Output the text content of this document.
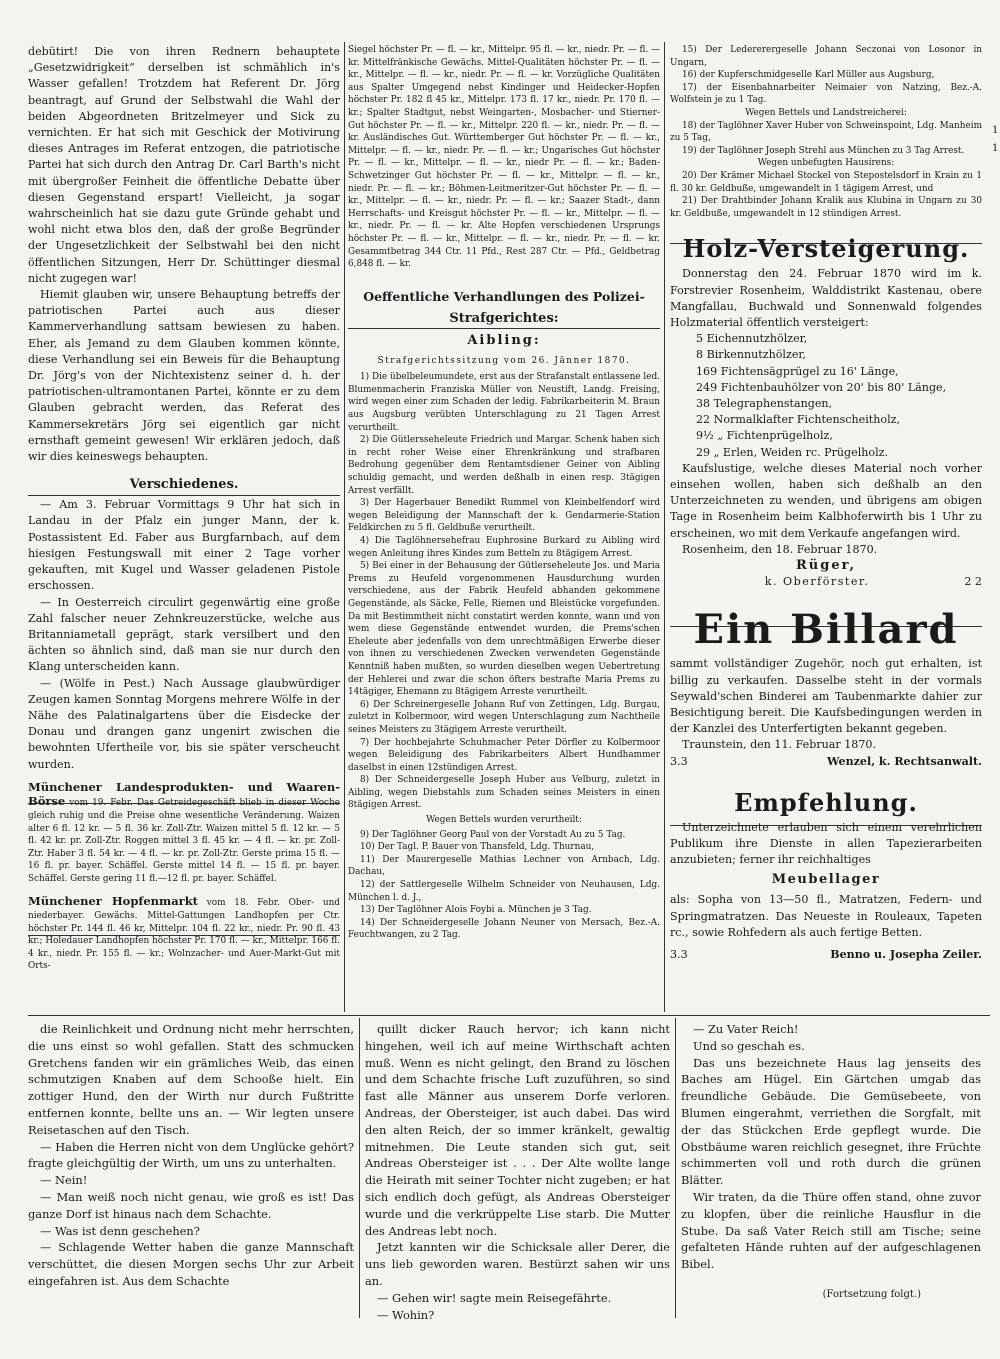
1
1

debütirt! Die von ihren Rednern behauptete „Gesetzwidrigkeit“ derselben ist schmählich in's Wasser gefallen! Trotzdem hat Referent Dr. Jörg beantragt, auf Grund der Selbstwahl die Wahl der beiden Abgeordneten Britzelmeyer und Sick zu vernichten. Er hat sich mit Geschick der Motivirung dieses Antrages im Referat entzogen, die patriotische Partei hat sich durch den Antrag Dr. Carl Barth's nicht mit übergroßer Feinheit die öffentliche Debatte über diesen Gegenstand erspart! Vielleicht, ja sogar wahrscheinlich hat sie dazu gute Gründe gehabt und wohl nicht etwa blos den, daß der große Begründer der Ungesetzlichkeit der Selbstwahl bei den nicht öffentlichen Sitzungen, Herr Dr. Schüttinger diesmal nicht zugegen war!

Hiemit glauben wir, unsere Behauptung betreffs der patriotischen Partei auch aus dieser Kammerverhandlung sattsam bewiesen zu haben. Eher, als Jemand zu dem Glauben kommen könnte, diese Verhandlung sei ein Beweis für die Behauptung Dr. Jörg's von der Nichtexistenz seiner d. h. der patriotischen-ultramontanen Partei, könnte er zu dem Glauben gebracht werden, das Referat des Kammersekretärs Jörg sei eigentlich gar nicht ernsthaft gemeint gewesen! Wir erklären jedoch, daß wir dies keineswegs behaupten.

Verschiedenes.

— Am 3. Februar Vormittags 9 Uhr hat sich in Landau in der Pfalz ein junger Mann, der k. Postassistent Ed. Faber aus Burgfarnbach, auf dem hiesigen Festungswall mit einer 2 Tage vorher gekauften, mit Kugel und Wasser geladenen Pistole erschossen.

— In Oesterreich circulirt gegenwärtig eine große Zahl falscher neuer Zehnkreuzerstücke, welche aus Britanniametall geprägt, stark versilbert und den ächten so ähnlich sind, daß man sie nur durch den Klang unterscheiden kann.

— (Wölfe in Pest.) Nach Aussage glaubwürdiger Zeugen kamen Sonntag Morgens mehrere Wölfe in der Nähe des Palatinalgartens über die Eisdecke der Donau und drangen ganz ungenirt zwischen die bewohnten Ufertheile vor, bis sie später verscheucht wurden.

Münchener Landesprodukten- und Waaren-Börse vom 19. Febr. Das Getreidegeschäft blieb in dieser Woche gleich ruhig und die Preise ohne wesentliche Veränderung. Waizen alter 6 fl. 12 kr. — 5 fl. 36 kr. Zoll-Ztr. Waizen mittel 5 fl. 12 kr. — 5 fl. 42 kr. pr. Zoll-Ztr. Roggen mittel 3 fl. 45 kr. — 4 fl. — kr. pr. Zoll-Ztr. Haber 3 fl. 54 kr. — 4 fl. — kr. pr. Zoll-Ztr. Gerste prima 15 fl. — 16 fl. pr. bayer. Schäffel. Gerste mittel 14 fl. — 15 fl. pr. bayer. Schäffel. Gerste gering 11 fl.—12 fl. pr. bayer. Schäffel.
Münchener Hopfenmarkt vom 18. Febr. Ober- und niederbayer. Gewächs. Mittel-Gattungen Landhopfen per Ctr. höchster Pr. 144 fl. 46 kr, Mittelpr. 104 fl. 22 kr., niedr. Pr. 90 fl. 43 kr.; Holedauer Landhopfen höchster Pr. 170 fl. — kr., Mittelpr. 166 fl. 4 kr., niedr. Pr. 155 fl. — kr.; Wolnzacher- und Auer-Markt-Gut mit Orts-
Siegel höchster Pr. — fl. — kr., Mittelpr. 95 fl. — kr., niedr. Pr. — fl. — kr. Mittelfränkische Gewächs. Mittel-Qualitäten höchster Pr. — fl. — kr., Mittelpr. — fl. — kr., niedr. Pr. — fl. — kr. Vorzügliche Qualitäten aus Spalter Umgegend nebst Kindinger und Heidecker-Hopfen höchster Pr. 182 fl 45 kr., Mittelpr. 173 fl. 17 kr., niedr. Pr. 170 fl. — kr.; Spalter Stadtgut, nebst Weingarten-, Mosbacher- und Stierner-Gut höchster Pr. — fl. — kr., Mittelpr. 220 fl. — kr., niedr. Pr. — fl. — kr. Ausländisches Gut. Württemberger Gut höchster Pr. — fl. — kr., Mittelpr. — fl. — kr., niedr. Pr. — fl. — kr.; Ungarisches Gut höchster Pr. — fl. — kr., Mittelpr. — fl. — kr., niedr Pr. — fl. — kr.; Baden-Schwetzinger Gut höchster Pr. — fl. — kr., Mittelpr. — fl. — kr., niedr. Pr. — fl. — kr.; Böhmen-Leitmeritzer-Gut höchster Pr. — fl. — kr., Mittelpr. — fl. — kr., niedr. Pr. — fl. — kr.; Saazer Stadt-, dann Herrschafts- und Kreisgut höchster Pr. — fl. — kr., Mittelpr. — fl. — kr., niedr. Pr. — fl. — kr. Alte Hopfen verschiedenen Ursprungs höchster Pr. — fl. — kr., Mittelpr. — fl. — kr., niedr. Pr. — fl. — kr. Gesammtbetrag 344 Ctr. 11 Pfd., Rest 287 Ctr. — Pfd., Geldbetrag 6,848 fl. — kr.
Oeffentliche Verhandlungen des Polizei-
Strafgerichtes:
Aibling:
Strafgerichtssitzung vom 26. Jänner 1870.

1) Die übelbeleumundete, erst aus der Strafanstalt entlassene led. Blumenmacherin Franziska Müller von Neustift, Landg. Freising, wird wegen einer zum Schaden der ledig. Fabrikarbeiterin M. Braun aus Augsburg verübten Unterschlagung zu 21 Tagen Arrest verurtheilt.

2) Die Gütlersseheleute Friedrich und Margar. Schenk haben sich in recht roher Weise einer Ehrenkränkung und strafbaren Bedrohung gegenüber dem Rentamtsdiener Geiner von Aibling schuldig gemacht, und werden deßhalb in einen resp. 3tägigen Arrest verfällt.

3) Der Hagerbauer Benedikt Rummel von Kleinbelfendorf wird wegen Beleidigung der Mannschaft der k. Gendarmerie-Station Feldkirchen zu 5 fl. Geldbuße verurtheilt.

4) Die Taglöhnersehefrau Euphrosine Burkard zu Aibling wird wegen Anleitung ihres Kindes zum Betteln zu 8tägigem Arrest.

5) Bei einer in der Behausung der Gütlerseheleute Jos. und Maria Prems zu Heufeld vorgenommenen Hausdurchung wurden verschiedene, aus der Fabrik Heufeld abhanden gekommene Gegenstände, als Säcke, Felle, Riemen und Bleistücke vorgefunden. Da mit Bestimmtheit nicht constatirt werden konnte, wann und von wem diese Gegenstände entwendet wurden, die Prems'schen Eheleute aber jedenfalls von dem unrechtmäßigen Erwerbe dieser von ihnen zu verschiedenen Zwecken verwendeten Gegenstände Kenntniß haben mußten, so wurden dieselben wegen Uebertretung der Hehlerei und zwar die schon öfters bestrafte Maria Prems zu 14tägiger, Ehemann zu 8tägigem Arreste verurtheilt.

6) Der Schreinergeselle Johann Ruf von Zettingen, Ldg. Burgau, zuletzt in Kolbermoor, wird wegen Unterschlagung zum Nachtheile seines Meisters zu 3tägigem Arreste verurtheilt.

7) Der hochbejahrte Schuhmacher Peter Dörfler zu Kolbermoor wegen Beleidigung des Fabrikarbeiters Albert Hundhammer daselbst in einen 12stündigen Arrest.

8) Der Schneidergeselle Joseph Huber aus Velburg, zuletzt in Aibling, wegen Diebstahls zum Schaden seines Meisters in einen 8tägigen Arrest.

Wegen Bettels wurden verurtheilt:

9) Der Taglöhner Georg Paul von der Vorstadt Au zu 5 Tag.

10) Der Tagl. P. Bauer von Thansfeld, Ldg. Thurnau,

11) Der Maurergeselle Mathias Lechner von Arnbach, Ldg. Dachau,

12) der Sattlergeselle Wilhelm Schneider von Neuhausen, Ldg. München l. d. J.,

13) Der Taglöhner Alois Foybi a. München je 3 Tag.

14) Der Schneidergeselle Johann Neuner von Mersach, Bez.-A. Feuchtwangen, zu 2 Tag.

15) Der Ledererergeselle Johann Seczonai von Losonor in Ungarn,

16) der Kupferschmidgeselle Karl Müller aus Augsburg,

17) der Eisenbahnarbeiter Neimaier von Natzing, Bez.-A. Wolfstein je zu 1 Tag.

Wegen Bettels und Landstreicherei:

18) der Taglöhner Xaver Huber von Schweinspoint, Ldg. Manheim zu 5 Tag,

19) der Taglöhner Joseph Strehl aus München zu 3 Tag Arrest.

Wegen unbefugten Hausirens:

20) Der Krämer Michael Stockel von Stepostelsdorf in Krain zu 1 fl. 30 kr. Geldbuße, umgewandelt in 1 tägigem Arrest, und

21) Der Drahtbinder Johann Kralik aus Klubina in Ungarn zu 30 kr. Geldbuße, umgewandelt in 12 stündigen Arrest.

Holz-Versteigerung.

Donnerstag den 24. Februar 1870 wird im k. Forstrevier Rosenheim, Walddistrikt Kastenau, obere Mangfallau, Buchwald und Sonnenwald folgendes Holzmaterial öffentlich versteigert:

5 Eichennutzhölzer,

8 Birkennutzhölzer,

169 Fichtensägprügel zu 16' Länge,

249 Fichtenbauhölzer von 20' bis 80' Länge,

38 Telegraphenstangen,

22 Normalklafter Fichtenscheitholz,

9½ „ Fichtenprügelholz,

29 „ Erlen, Weiden rc. Prügelholz.

Kaufslustige, welche dieses Material noch vorher einsehen wollen, haben sich deßhalb an den Unterzeichneten zu wenden, und übrigens am obigen Tage in Rosenheim beim Kalbhoferwirth bis 1 Uhr zu erscheinen, wo mit dem Verkaufe angefangen wird.

Rosenheim, den 18. Februar 1870.

Rüger,
k. Oberförster.	2 2
Ein Billard

sammt vollständiger Zugehör, noch gut erhalten, ist billig zu verkaufen. Dasselbe steht in der vormals Seywald'schen Binderei am Taubenmarkte dahier zur Besichtigung bereit. Die Kaufsbedingungen werden in der Kanzlei des Unterfertigten bekannt gegeben.

Traunstein, den 11. Februar 1870.

3.3	Wenzel, k. Rechtsanwalt.
Empfehlung.

Unterzeichnete erlauben sich einem verehrlichen Publikum ihre Dienste in allen Tapezierarbeiten anzubieten; ferner ihr reichhaltiges

Meubellager

als: Sopha von 13—50 fl., Matratzen, Federn- und Springmatratzen. Das Neueste in Rouleaux, Tapeten rc., sowie Rohfedern als auch fertige Betten.

3.3	Benno u. Josepha Zeiler.

die Reinlichkeit und Ordnung nicht mehr herrschten, die uns einst so wohl gefallen. Statt des schmucken Gretchens fanden wir ein grämliches Weib, das einen schmutzigen Knaben auf dem Schooße hielt. Ein zottiger Hund, den der Wirth nur durch Fußtritte entfernen konnte, bellte uns an. — Wir legten unsere Reisetaschen auf den Tisch.

— Haben die Herren nicht von dem Unglücke gehört? fragte gleichgültig der Wirth, um uns zu unterhalten.

— Nein!

— Man weiß noch nicht genau, wie groß es ist! Das ganze Dorf ist hinaus nach dem Schachte.

— Was ist denn geschehen?

— Schlagende Wetter haben die ganze Mannschaft verschüttet, die diesen Morgen sechs Uhr zur Arbeit eingefahren ist. Aus dem Schachte

quillt dicker Rauch hervor; ich kann nicht hingehen, weil ich auf meine Wirthschaft achten muß. Wenn es nicht gelingt, den Brand zu löschen und dem Schachte frische Luft zuzuführen, so sind fast alle Männer aus unserem Dorfe verloren. Andreas, der Obersteiger, ist auch dabei. Das wird den alten Reich, der so immer kränkelt, gewaltig mitnehmen. Die Leute standen sich gut, seit Andreas Obersteiger ist . . . Der Alte wollte lange die Heirath mit seiner Tochter nicht zugeben; er hat sich endlich doch gefügt, als Andreas Obersteiger wurde und die verkrüppelte Lise starb. Die Mutter des Andreas lebt noch.

Jetzt kannten wir die Schicksale aller Derer, die uns lieb geworden waren. Bestürzt sahen wir uns an.

— Gehen wir! sagte mein Reisegefährte.

— Wohin?

— Zu Vater Reich!

Und so geschah es.

Das uns bezeichnete Haus lag jenseits des Baches am Hügel. Ein Gärtchen umgab das freundliche Gebäude. Die Gemüsebeete, von Blumen eingerahmt, verriethen die Sorgfalt, mit der das Stückchen Erde gepflegt wurde. Die Obstbäume waren reichlich gesegnet, ihre Früchte schimmerten voll und roth durch die grünen Blätter.

Wir traten, da die Thüre offen stand, ohne zuvor zu klopfen, über die reinliche Hausflur in die Stube. Da saß Vater Reich still am Tische; seine gefalteten Hände ruhten auf der aufgeschlagenen Bibel.

(Fortsetzung folgt.)
